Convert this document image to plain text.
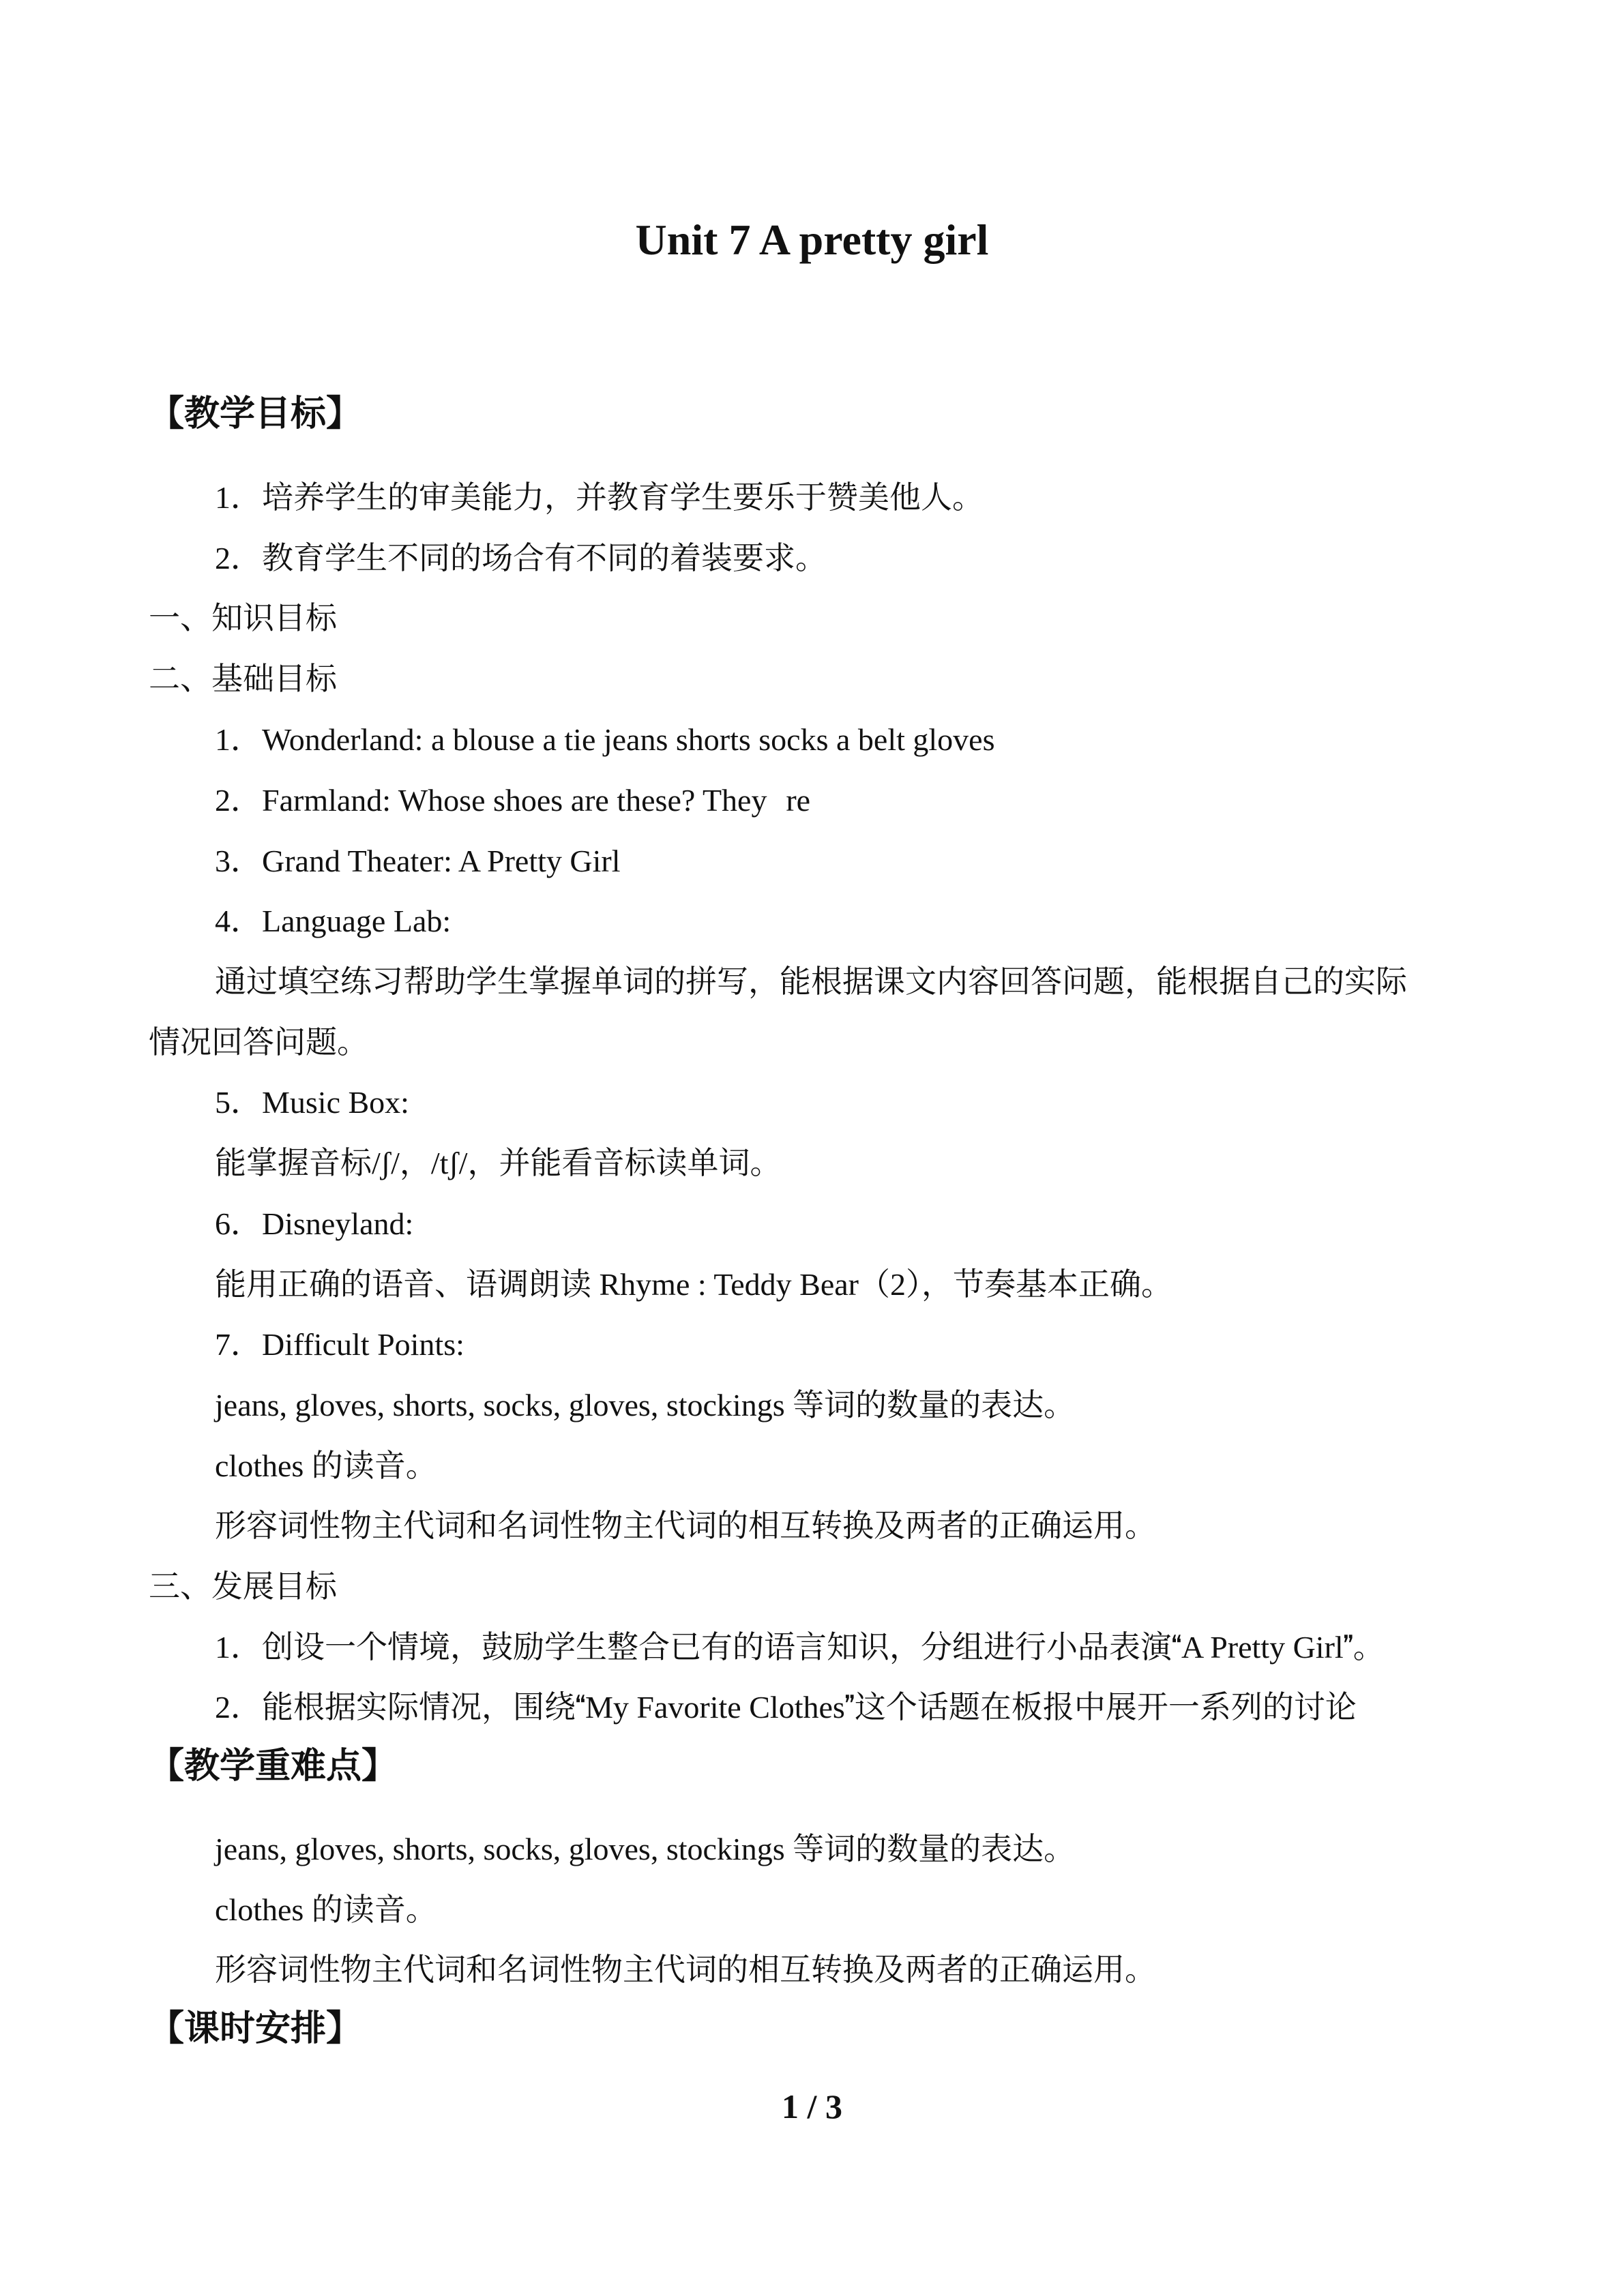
Unit 7 A pretty girl
【教学目标】

1．培养学生的审美能力，并教育学生要乐于赞美他人。

2．教育学生不同的场合有不同的着装要求。

一、知识目标

二、基础目标

1．Wonderland: a blouse a tie jeans shorts socks a belt gloves

2．Farmland: Whose shoes are these? Theyre

3．Grand Theater: A Pretty Girl

4．Language Lab:

通过填空练习帮助学生掌握单词的拼写，能根据课文内容回答问题，能根据自己的实际

情况回答问题。

5．Music Box:

能掌握音标/ʃ/，/tʃ/，并能看音标读单词。

6．Disneyland:

能用正确的语音、语调朗读 Rhyme : Teddy Bear（2），节奏基本正确。

7．Difficult Points:

jeans, gloves, shorts, socks, gloves, stockings 等词的数量的表达。

clothes 的读音。

形容词性物主代词和名词性物主代词的相互转换及两者的正确运用。

三、发展目标

1．创设一个情境，鼓励学生整合已有的语言知识，分组进行小品表演A Pretty Girl。

2．能根据实际情况，围绕My Favorite Clothes这个话题在板报中展开一系列的讨论

【教学重难点】

jeans, gloves, shorts, socks, gloves, stockings 等词的数量的表达。

clothes 的读音。

形容词性物主代词和名词性物主代词的相互转换及两者的正确运用。

【课时安排】
1 / 3
